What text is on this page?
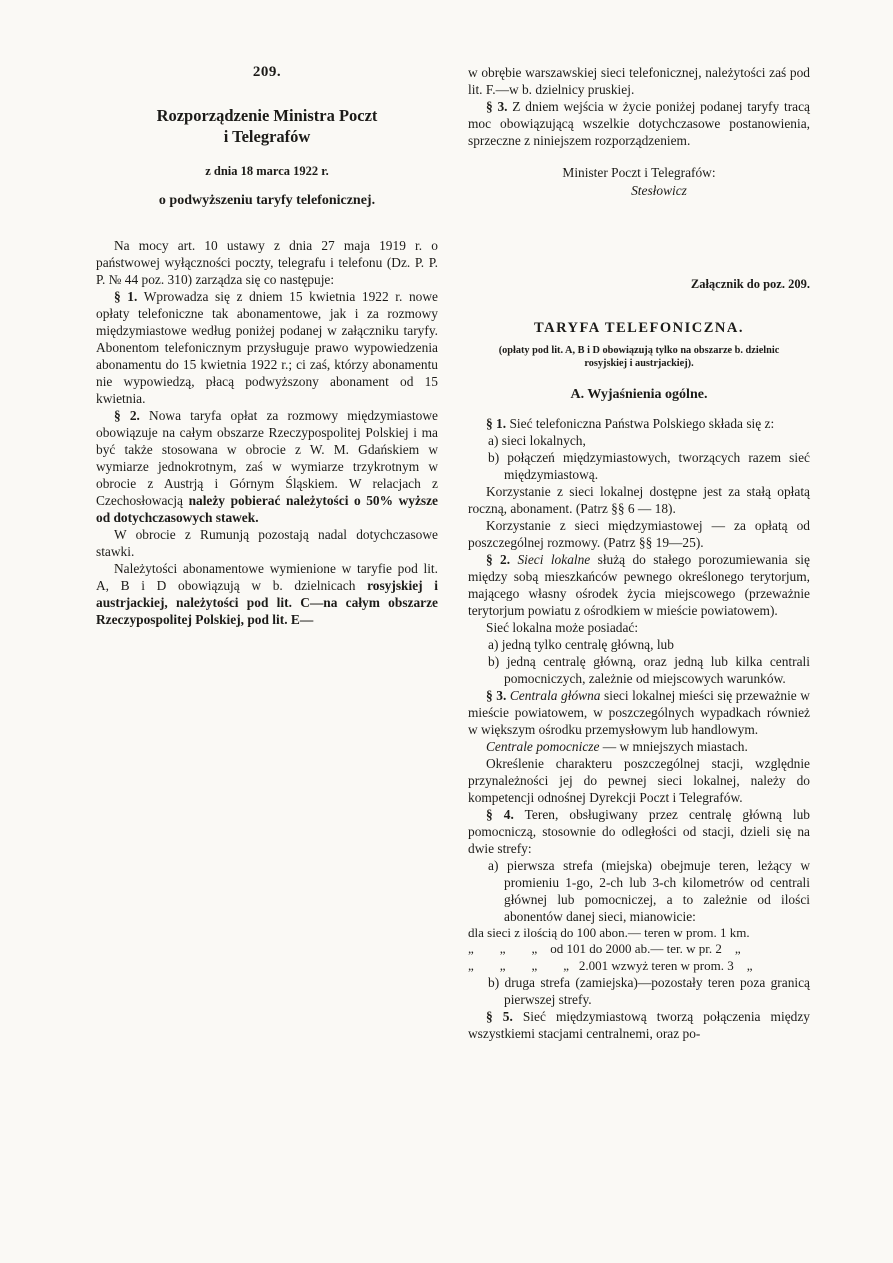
209.
Rozporządzenie Ministra Poczt
i Telegrafów
z dnia 18 marca 1922 r.
o podwyższeniu taryfy telefonicznej.

Na mocy art. 10 ustawy z dnia 27 maja 1919 r. o państwowej wyłączności poczty, telegrafu i telefonu (Dz. P. P. P. № 44 poz. 310) zarządza się co następuje:

§ 1. Wprowadza się z dniem 15 kwietnia 1922 r. nowe opłaty telefoniczne tak abonamentowe, jak i za rozmowy międzymiastowe według poniżej podanej w załączniku taryfy. Abonentom telefonicznym przysługuje prawo wypowiedzenia abonamentu do 15 kwietnia 1922 r.; ci zaś, którzy abonamentu nie wypowiedzą, płacą podwyższony abonament od 15 kwietnia.

§ 2. Nowa taryfa opłat za rozmowy międzymiastowe obowiązuje na całym obszarze Rzeczypospolitej Polskiej i ma być także stosowana w obrocie z W. M. Gdańskiem w wymiarze jednokrotnym, zaś w wymiarze trzykrotnym w obrocie z Austrją i Górnym Śląskiem. W relacjach z Czechosłowacją należy pobierać należytości o 50% wyższe od dotychczasowych stawek.

W obrocie z Rumunją pozostają nadal dotychczasowe stawki.

Należytości abonamentowe wymienione w taryfie pod lit. A, B i D obowiązują w b. dzielnicach rosyjskiej i austrjackiej, należytości pod lit. C—na całym obszarze Rzeczypospolitej Polskiej, pod lit. E—

w obrębie warszawskiej sieci telefonicznej, należytości zaś pod lit. F.—w b. dzielnicy pruskiej.

§ 3. Z dniem wejścia w życie poniżej podanej taryfy tracą moc obowiązującą wszelkie dotychczasowe postanowienia, sprzeczne z niniejszem rozporządzeniem.

Minister Poczt i Telegrafów:
Stesłowicz
Załącznik do poz. 209.
TARYFA TELEFONICZNA.
(opłaty pod lit. A, B i D obowiązują tylko na obszarze b. dzielnic rosyjskiej i austrjackiej).
A. Wyjaśnienia ogólne.

§ 1. Sieć telefoniczna Państwa Polskiego składa się z:

a) sieci lokalnych,

b) połączeń międzymiastowych, tworzących razem sieć międzymiastową.

Korzystanie z sieci lokalnej dostępne jest za stałą opłatą roczną, abonament. (Patrz §§ 6 — 18).

Korzystanie z sieci międzymiastowej — za opłatą od poszczególnej rozmowy. (Patrz §§ 19—25).

§ 2. Sieci lokalne służą do stałego porozumiewania się między sobą mieszkańców pewnego określonego terytorjum, mającego własny ośrodek życia miejscowego (przeważnie terytorjum powiatu z ośrodkiem w mieście powiatowem).

Sieć lokalna może posiadać:

a) jedną tylko centralę główną, lub

b) jedną centralę główną, oraz jedną lub kilka centrali pomocniczych, zależnie od miejscowych warunków.

§ 3. Centrala główna sieci lokalnej mieści się przeważnie w mieście powiatowem, w poszczególnych wypadkach również w większym ośrodku przemysłowym lub handlowym.

Centrale pomocnicze — w mniejszych miastach.

Określenie charakteru poszczególnej stacji, względnie przynależności jej do pewnej sieci lokalnej, należy do kompetencji odnośnej Dyrekcji Poczt i Telegrafów.

§ 4. Teren, obsługiwany przez centralę główną lub pomocniczą, stosownie do odległości od stacji, dzieli się na dwie strefy:

a) pierwsza strefa (miejska) obejmuje teren, leżący w promieniu 1-go, 2-ch lub 3-ch kilometrów od centrali głównej lub pomocniczej, a to zależnie od ilości abonentów danej sieci, mianowicie:

dla sieci z ilością do 100 abon.— teren w prom. 1 km.
„        „        „    od 101 do 2000 ab.— ter. w pr. 2    „
„        „        „        „   2.001 wzwyż teren w prom. 3    „

b) druga strefa (zamiejska)—pozostały teren poza granicą pierwszej strefy.

§ 5. Sieć międzymiastową tworzą połączenia między wszystkiemi stacjami centralnemi, oraz po-
